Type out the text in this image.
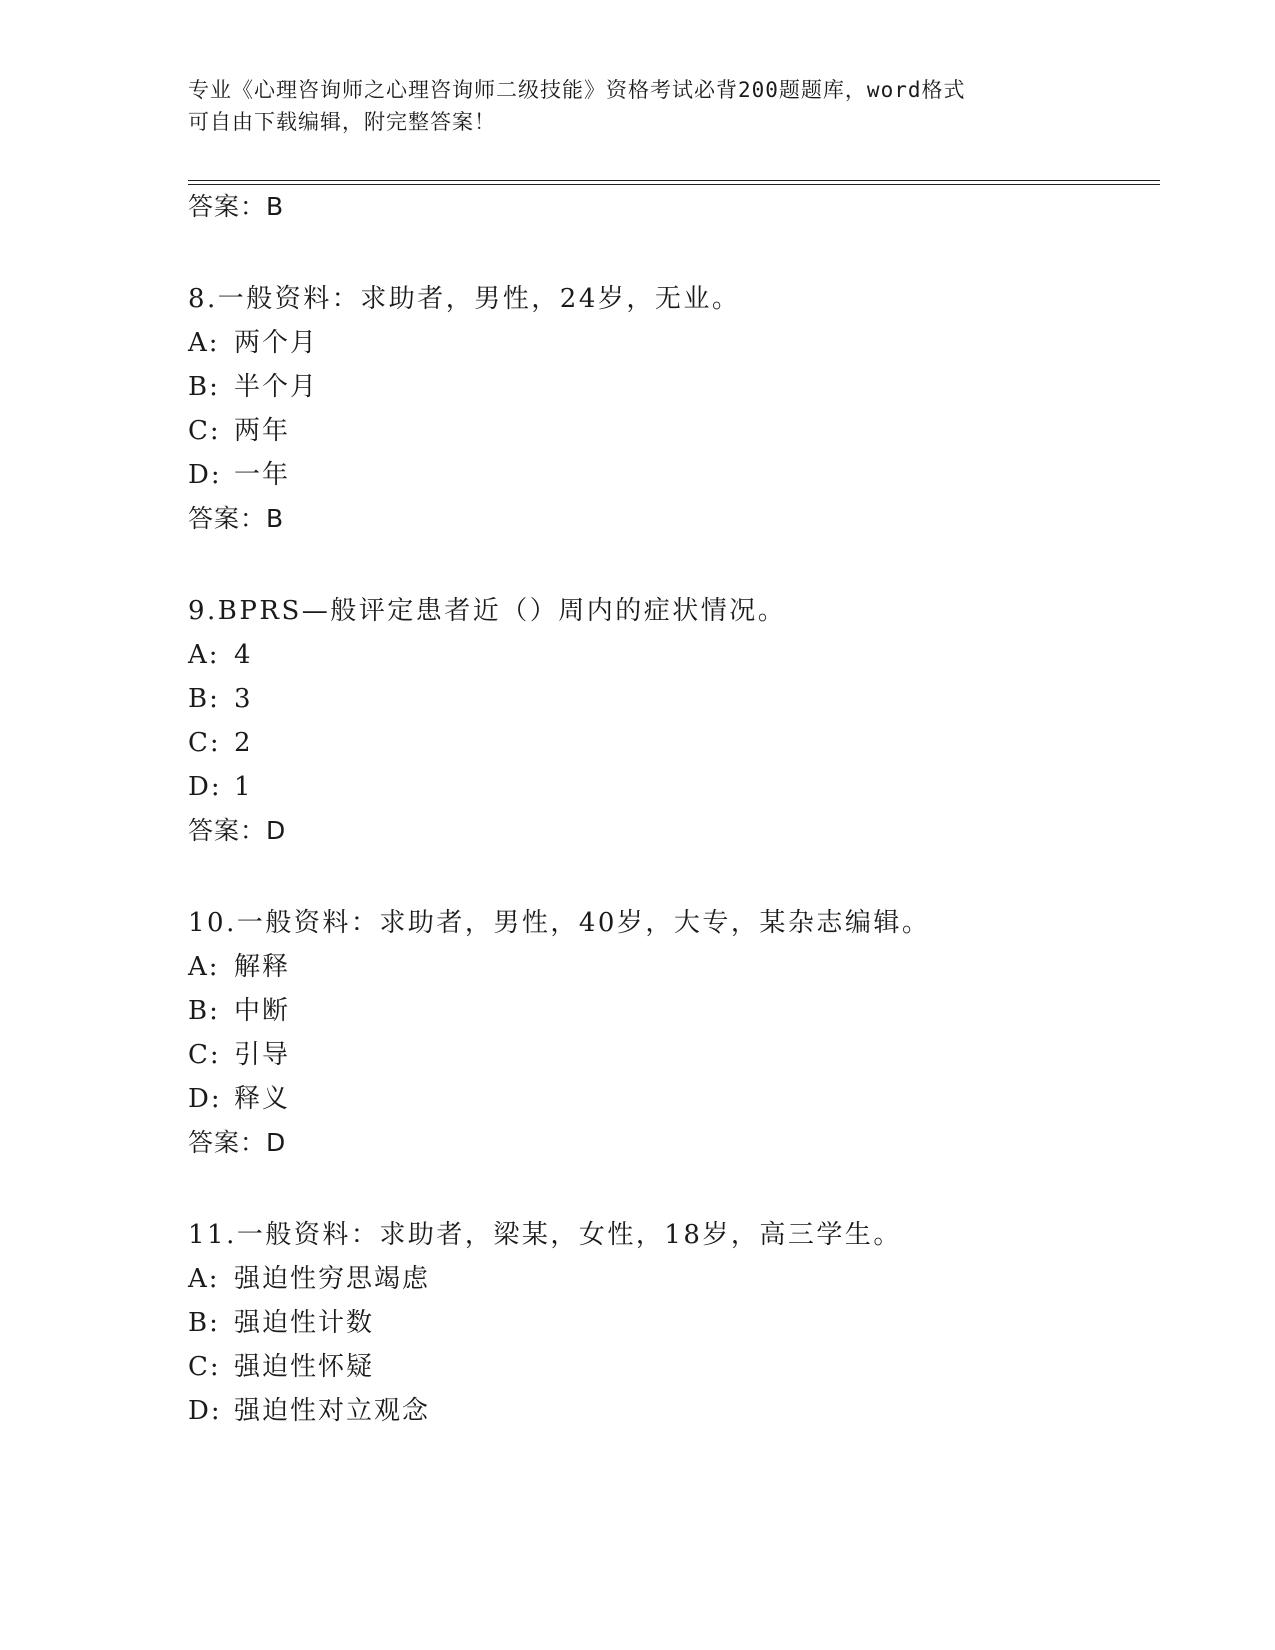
专业《心理咨询师之心理咨询师二级技能》资格考试必背200题题库，word格式
可自由下载编辑，附完整答案！
答案：B
8.一般资料：求助者，男性，24岁，无业。
A: 两个月
B: 半个月
C: 两年
D: 一年
答案：B
9.BPRS—般评定患者近（）周内的症状情况。
A: 4
B: 3
C: 2
D: 1
答案：D
10.一般资料：求助者，男性，40岁，大专，某杂志编辑。
A: 解释
B: 中断
C: 引导
D: 释义
答案：D
11.一般资料：求助者，梁某，女性，18岁，高三学生。
A: 强迫性穷思竭虑
B: 强迫性计数
C: 强迫性怀疑
D: 强迫性对立观念
